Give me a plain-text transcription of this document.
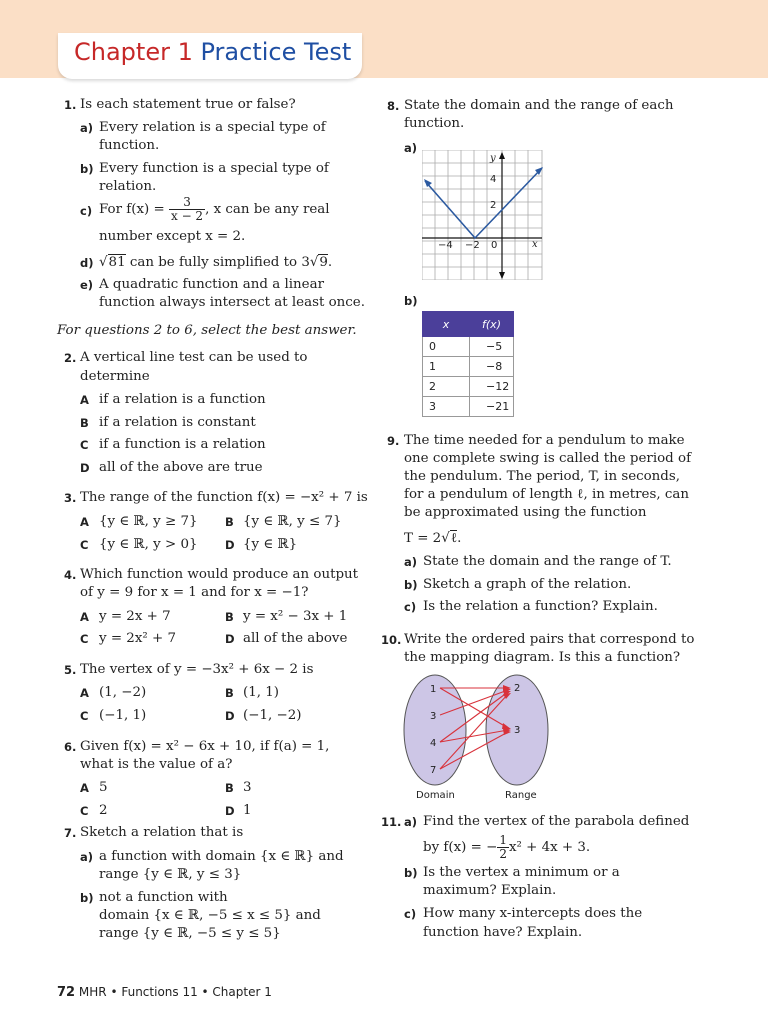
Chapter 1 Practice Test
1. Is each statement true or false?
a) Every relation is a special type of
function.
b) Every function is a special type of
relation.
c) For $f(x) = \frac{3}{x - 2}$ , x can be any real
number except x = 2.
d) √81 can be fully simplified to 3√9.
e) A quadratic function and a linear
function always intersect at least once.
For questions 2 to 6, select the best answer.
2. A vertical line test can be used to
determine
A if a relation is a function
B if a relation is constant
C if a function is a relation
D all of the above are true
3. The range of the function f(x) = −x² + 7 is
A {y ∈ ℝ, y ≥ 7} B {y ∈ ℝ, y ≤ 7}
C {y ∈ ℝ, y > 0} D {y ∈ ℝ}
4. Which function would produce an output
of y = 9 for x = 1 and for x = −1?
A y = 2x + 7	B y = x² − 3x + 1
C y = 2x² + 7	D all of the above
5. The vertex of y = −3x² + 6x − 2 is
A (1, −2)	B (1, 1)
C (−1, 1)	D (−1, −2)
6. Given f(x) = x² − 6x + 10, if f(a) = 1,
what is the value of a?
A 5	B 3
C 2	D 1
7. Sketch a relation that is
a) a function with domain {x ∈ ℝ} and
range {y ∈ ℝ, y ≤ 3}
b) not a function with
domain {x ∈ ℝ, −5 ≤ x ≤ 5} and
range {y ∈ ℝ, −5 ≤ y ≤ 5}
8. State the domain and the range of each
function.
a)
y
4
2
−4 −2 0	x
b)
x	f(x)
0	−5
1	−8
2	−12
3	−21
9. The time needed for a pendulum to make
one complete swing is called the period of
the pendulum. The period, T, in seconds,
for a pendulum of length ℓ, in metres, can
be approximated using the function
T = 2√ℓ.
a) State the domain and the range of T.
b) Sketch a graph of the relation.
c) Is the relation a function? Explain.
10. Write the ordered pairs that correspond to
the mapping diagram. Is this a function?
1
3
4
7
2
3
Domain	Range
11. a) Find the vertex of the parabola defined
by f(x) = − $\frac{1}{2} x^2 + 4x + 3$.
b) Is the vertex a minimum or a
maximum? Explain.
c) How many x-intercepts does the
function have? Explain.
72 MHR • Functions 11 • Chapter 1
